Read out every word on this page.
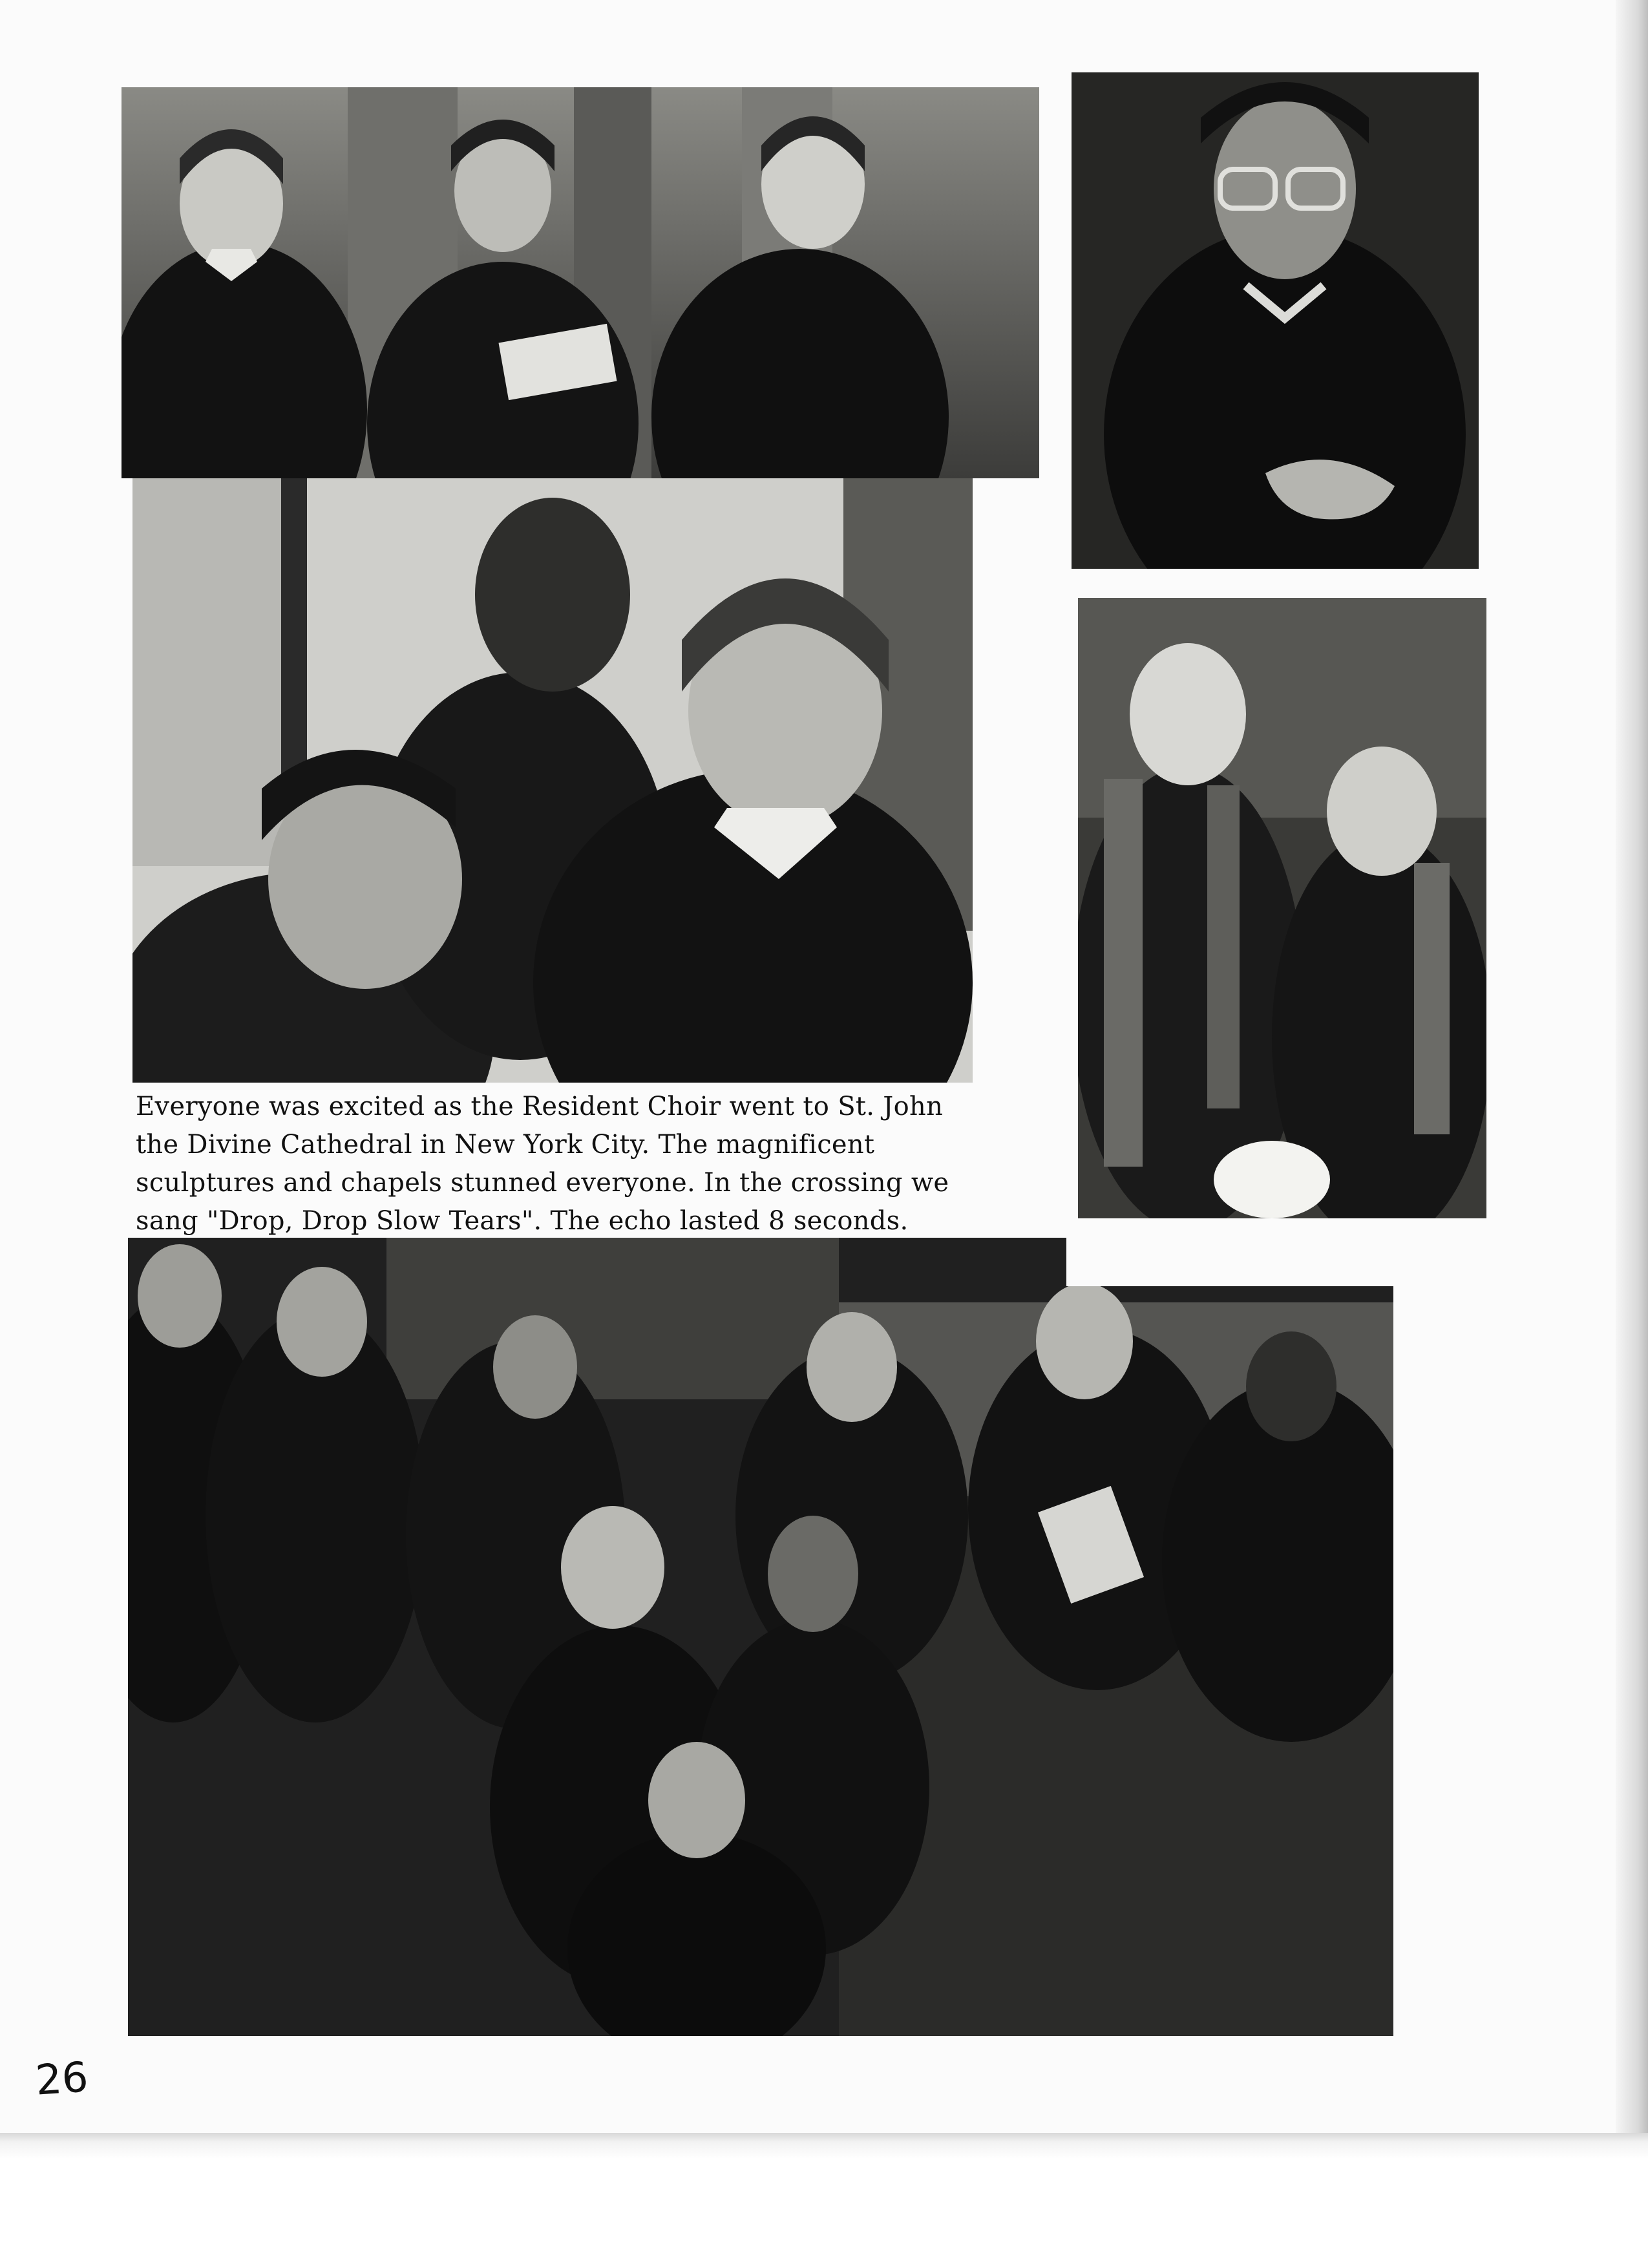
Everyone was excited as the Resident Choir went to St. John
the Divine Cathedral in New York City. The magnificent
sculptures and chapels stunned everyone. In the crossing we
sang "Drop, Drop Slow Tears". The echo lasted 8 seconds.

26
